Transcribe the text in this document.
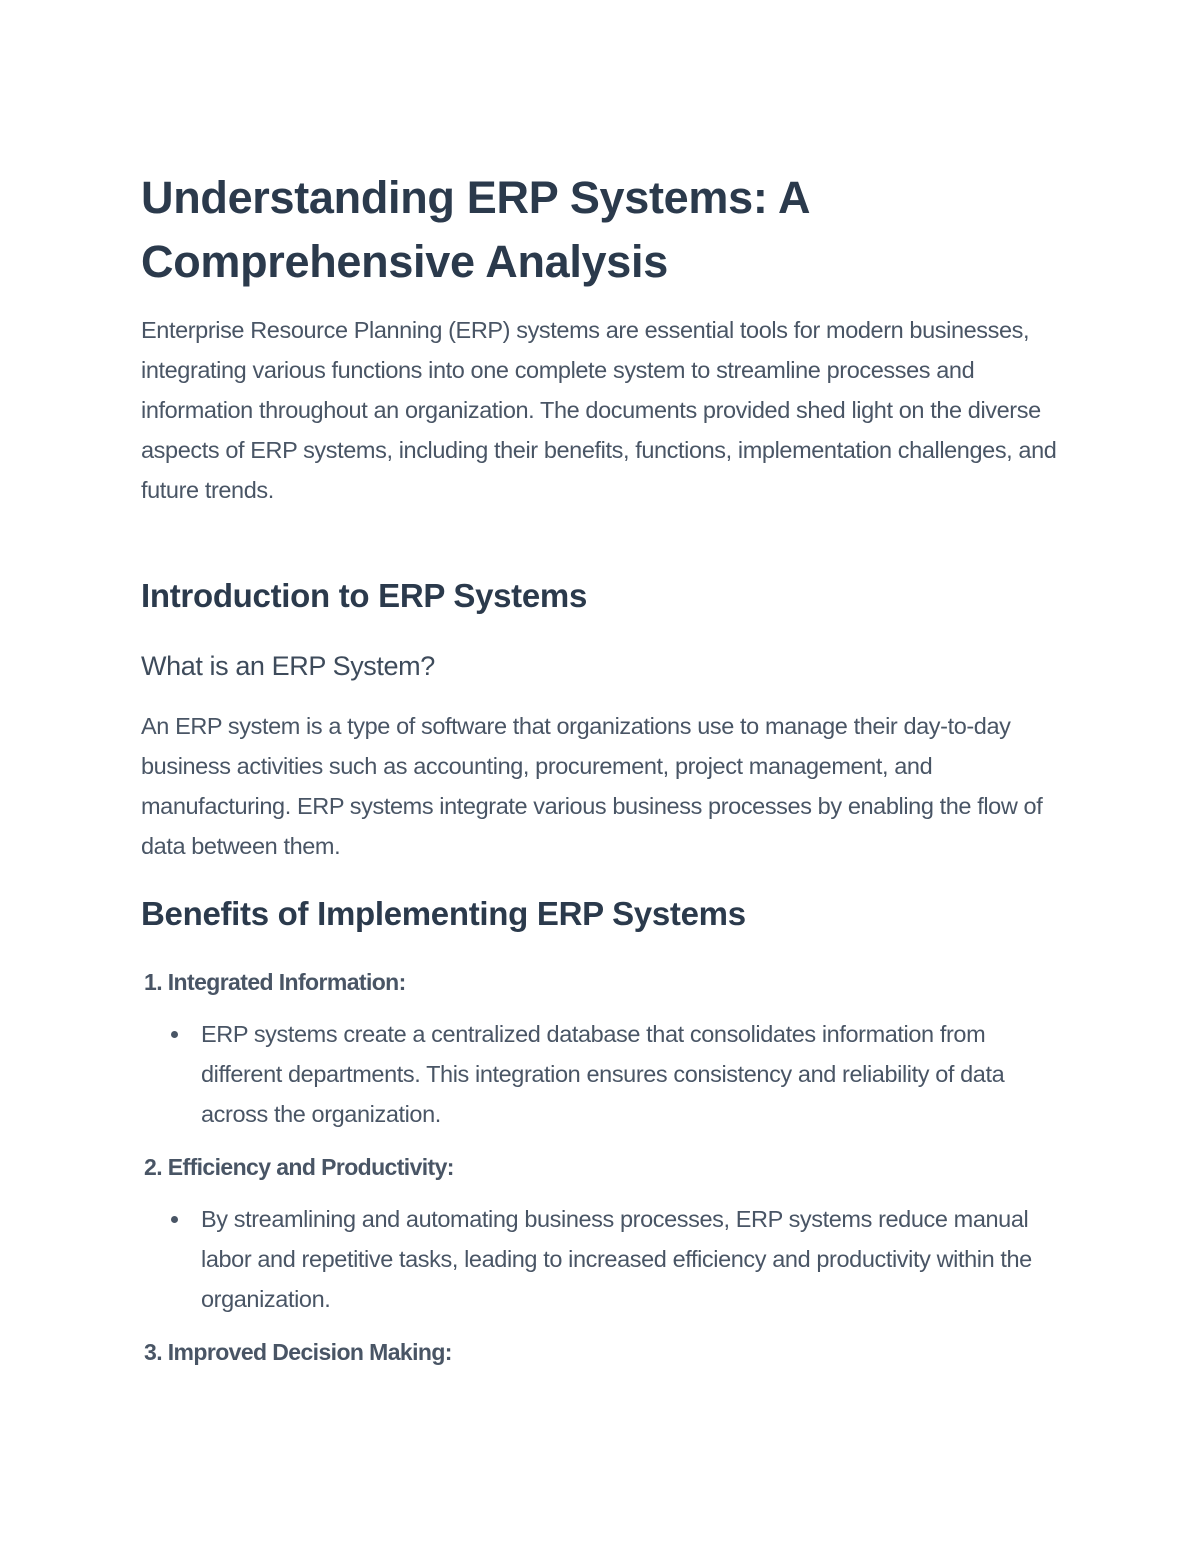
Understanding ERP Systems: A Comprehensive Analysis

Enterprise Resource Planning (ERP) systems are essential tools for modern businesses, integrating various functions into one complete system to streamline processes and information throughout an organization. The documents provided shed light on the diverse aspects of ERP systems, including their benefits, functions, implementation challenges, and future trends.

Introduction to ERP Systems
What is an ERP System?

An ERP system is a type of software that organizations use to manage their day-to-day business activities such as accounting, procurement, project management, and manufacturing. ERP systems integrate various business processes by enabling the flow of data between them.

Benefits of Implementing ERP Systems
1. Integrated Information:

ERP systems create a centralized database that consolidates information from different departments. This integration ensures consistency and reliability of data across the organization.

2. Efficiency and Productivity:

By streamlining and automating business processes, ERP systems reduce manual labor and repetitive tasks, leading to increased efficiency and productivity within the organization.

3. Improved Decision Making:
